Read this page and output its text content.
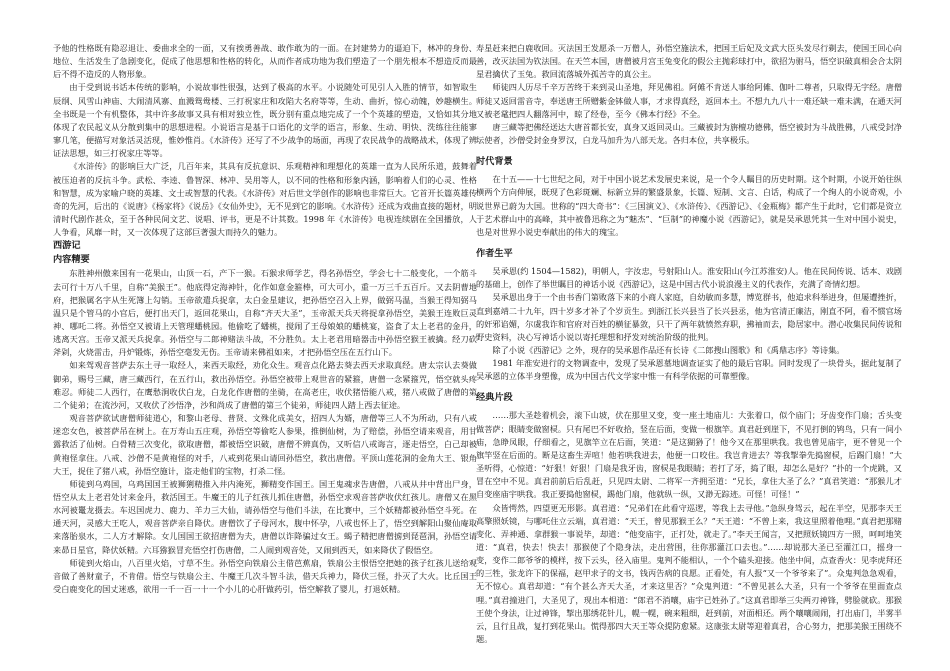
予他的性格既有隐忍退让、委曲求全的一面，又有挨勇善战、敢作敢为的一面。在封建势力的逼迫下，林冲的身份、地位、生活发生了急剧变化，促成了他思想和性格的转化，从而作者成功地为我们塑造了一个朋先根本不想造反而最后不得不造反的人物形象。

由于受到说书话本传统的影响，小说故事性很强，达到了极高的水平。小说随处可见引人入胜的情节，如智取生辰纲、风雪山神庙、大闹清风寨、血溅鸳鸯楼、三打祝家庄和攻陷大名府等等，生动、曲折，惊心动魄，妙趣横生。全书既是一个有机整体，其中许多故事又具有相对独立性，既分别有重点地完成了一个个英雄的塑造，又恰如其分地体现了农民起义从分散到集中的思想进程。小说语言是基于口语化的文学的语言，形象、生动、明快、洗练往往能寥寥几笔，便描写对象活灵活现，惟妙惟肖。《水浒传》还写了不少战争的场面，再现了农民战争的战略战术，体现了辨证法思想，如三打祝家庄等等。

《水浒传》的影响巨大广泛，几百年来，其具有反抗意识、乐观精神和理想化的英雄一直为人民所乐道，鼓舞着被压迫者的反抗斗争。武松、李逵、鲁智深、林冲、吴用等人，以不同的性格和形象内涵，影响着人们的心灵、性格和智慧，成为家喻户晓的英雄、文士或智慧的代表。《水浒传》对后世文学创作的影响也非常巨大。它首开长篇英雄传奇的先河，后出的《说唐》《杨家将》《说岳》《女仙外史》，无不见到它的影响。《水浒传》还成为戏曲直接的题材，明清时代剧作甚众，至于各种民间文艺、说唱、评书，更是不计其数。1998 年《水浒传》电视连续剧在全国播放，人人争看，风靡一时，又一次体现了这部巨著强大而持久的魅力。

西游记
内容精要

东胜神州傲来国有一花果山，山顶一石，产下一猴。石猴求师学艺，得名孙悟空，学会七十二般变化，一个筋斗去可行十万八千里，自称“美猴王”。他底得定海神针，化作如意金箍棒，可大可小，重一万三千五百斤。又去阴曹地府，把猴属名字从生死簿上勾销。玉帝欲遣兵捉拿，太白金星建议，把孙悟空召入上界，做弼马温，当猴王得知弼马温只是个管马的小官后，便打出天门，返回花果山，自称“齐天大圣”，玉帝派天兵天将捉拿孙悟空，美猴王连败巨灵神、哪吒二将。孙悟空又被请上天管理蟠桃园。他偷吃了蟠桃，搅闹了王母娘娘的蟠桃宴，盗食了太上老君的金丹，逃离天宫。玉帝又派天兵捉拿。孙悟空与二郎神赌法斗战，不分胜负。太上老君用暗器击中孙悟空猴王被擒。经刀砍斧剁，火烧雷击，丹炉锻炼，孙悟空毫发无伤。玉帝请来佛祖如来，才把孙悟空压在五行山下。

如来驾观音菩萨去东土寻一取经人，来西天取经，劝化众生。观音点化路去葵去西天求取真经。唐太宗认去葵做御弟，赐号三藏，唐三藏西行，在五行山，救出孙悟空。孙悟空被带上观世音的紧箍，唐僧一念紧箍咒，悟空就头疼难忍。师徒二人西行，在鹰愁涧收伏白龙，白龙化作唐僧的坐骑，在高老庄，收伏猪悟能八戒，猪八戒做了唐僧的第二个徒弟；在流沙河，又收伏了沙悟净，沙和尚成了唐僧的第三个徒弟，师徒四人踏上西去征途。

观音菩萨欲试唐僧师徒道心，和黎山老母、普贤、文殊化成美女，招四人为婿，唐僧等三人不为所动，只有八戒迷恋女色，被菩萨吊在树上。在万寿山五庄观，孙悟空等偷吃人参果，推倒仙树，为了赔偿，孙悟空请来观音，用甘露救活了仙树。白骨精三次变化，欲取唐僧，都被悟空识破，唐僧不辨真伪，又听信八戒诲言，逐走悟空，白己却被黄袍怪拿住。八戒、沙僧不是黄袍怪的对手，八戒到花果山请回孙悟空，救出唐僧。平顶山莲花洞的金角大王、银角大王，捉住了猪八戒，孙悟空施计，盗走他们的宝物，打杀二怪。

师徒到乌鸡国，乌鸡国国王被狮猁精推入井内淹死，狮精变作国王。国王鬼魂求告唐僧，八戒从井中背出尸身，悟空从太上老君处讨来金丹，救活国王。牛魔王的儿子红孩儿抓住唐僧，孙悟空求观音菩萨收伏红孩儿。唐僧又在黑水河被鼍龙摄去。车迟国虎力、鹿力、羊力三大仙，请孙悟空与他们斗法，在比赛中，三个妖精都被孙悟空斗死。在通天河，灵感大王吃人，观音菩萨亲自降伏。唐僧饮了子母河水，腹中怀孕，八戒也怀上了，悟空到解阳山聚仙庵取来落胎泉水，二人方才解除。女儿国国王欲招唐僧为夫，唐僧以诈降骗过女王。蝎子精把唐僧掳到琵琶洞，孙悟空请来昴日星官，降伏妖精。六耳猕猴冒充悟空打伤唐僧，二人闹到观音处，又闹到西天，如来降伏了假悟空。

师徒到火焰山，八百里火焰，寸草不生。孙悟空向铁扇公主借芭蕉扇，铁扇公主恨悟空把她的孩子红孩儿送给观音做了善财童子，不肯借。悟空与铁扇公主、牛魔王几次斗智斗法，借天兵神力，降伏三怪，扑灭了大火。比丘国王受白鹿变化的国丈迷惑，欲用一千一百一十一个小儿的心肝做药引，悟空解救了婴儿，打退妖精。

寿星赶来把白鹿收回。灭法国王发愿杀一万僧人，孙悟空施法术，把国王后妃及文武大臣头发尽行剃去，使国王回心向善，改灭法国为钦法国。在天竺本国，唐僧被月宫玉兔变化的假公主抛彩球打中，欲招为驸马，悟空识破真相会合太阴星君擒伏了玉兔。救回流落城外孤苦寺的真公主。

师徒四人历尽千辛万苦终于来到灵山圣地，拜见佛祖。阿傩不肯送人事给阿傩、伽叶二尊者，只取得无字经。唐僧师徒又返回雷音寺，奉送唐王所赠紫金钵做人事，才求得真经，返回本土。不想九九八十一难还缺一难未满，在通天河又被老鼋把四人翻落河中，晾了经卷，至今《佛本行经》不全。

唐三藏等把佛经送达大唐首都长安，真身又返回灵山。三藏被封为旃檀功德佛，悟空被封为斗战胜佛，八戒受封净坛使者，沙僧受封金身罗汉，白龙马加升为八部天龙。各归本位，共享极乐。

时代背景

在十五——十七世纪之间，对于中国小说艺术发展史来说，是一个令人瞩目的历史时期。这个时期，小说开始往纵横两个方向伸展，既现了色彩斑斓、标新立异的繁盛景象，长篇、短制、文言、白话，构成了一个绚人的小说奇观，小说世界已蔚为大国。世称的“四大奇书”：《三国演义》、《水浒传》、《西游记》、《金瓶梅》都产生于此时，它们都是资立于艺术群山中的高峰，其中被鲁迅称之为“魅杰”、“巨制”的神魔小说《西游记》，就是吴承恩凭其一生对中国小说史，也是对世界小说史奉献出的伟大的瑰宝。

作者生平

吴承恩(约 1504—1582)，明朝人，字汝忠，号射阳山人。淮安阳山(今江苏淮安)人。他在民间传说、话本、戏剧的基础上，创作了举世瞩目的神话小说《西游记》，这是中国古代小说浪漫主义的代表作，充满了奇情幻想。

吴承恩出身于一个由书香门第败落下来的小商人家庭，自幼敏而多慧，博览群书，他追求科举进身，但屡遭挫折，直到嘉靖二十九年，四十岁多才补了个岁贡生。到浙江长兴县当了长兴县丞，他为官清正廉洁，刚直不阿，看不惯官场的奸邪谄媚，尔虞我诈和官府对百姓的横征暴敛，只干了两年就愤然弃职，拂袖而去，隐居家中。潜心收集民间传说和野史资料，决心写神话小说以寄托理想和抒发对统治阶级的批判。

除了小说《西游记》之外，现存的吴承恩作品还有长诗《二郎搜山图歌》和《禹鼎志序》等诗集。

1981 年淮安进行的文物调查中，发现了吴承恩墓地调查证实了他的最后官职。同时发现了一块骨头，据此复制了吴承恩的立体半身塑像，成为中国古代文学家中惟一有科学依据的可靠塑像。

经典片段

……那大圣趁着机会，滚下山坡，伏在那里又变，变一座土地庙儿：大张着口，似个庙门；牙齿变作门扇；舌头变做菩萨；眼睛变做窗棂。只有尾巴不好收拾，竖在后面，变做一根旗竿。真君赶到崖下，不见打倒的鸨鸟，只有一间小庙，急睁凤眼，仔细看之，见旗竿立在后面，笑道：“是这猢狲了！他今又在那里哄我。我也曾见庙宇，更不曾见一个旗竿竖在后面的。断是这畜生弄喧！他若哄我进去，他便一口咬住。我岂肯进去？等我掣拳先捣窗棂，后踢门扇！”大圣听得，心惊道：“好狠！好狠！门扇是我牙齿，窗棂是我眼睛；若打了牙，捣了眼，却怎么是好？”扑的一个虎跳，又冒在空中不见。真君前前后后乱赶，只见四太尉、二将军一齐拥至道：“兄长，拿住大圣了么？”真君笑道：“那猴儿才自变座庙宇哄我。我正要捣他窗棂，踢他门扇，他就纵一纵，又渺无踪迹。可怪！可怪！”

众皆愕然，四望更无形影。真君道：“兄弟们在此看守巡逻，等我上去寻他。”急纵身驾云，起在半空，见那李天王高擎照妖镜，与哪吒住立云端，真君道：“天王，曾见那猴王么？”天王道：“不曾上来，我这里照着他哩。”真君把那赌变化、弄神通、拿群猴一事说毕，却道：“他变庙宇，正打处，就走了。”李天王闻言，又把照妖镜四方一照，呵呵地笑道：“真君，快去！快去！那猴使了个隐身法，走出营围，往你那灌江口去也。”……却说那大圣已至灌江口，摇身一变，变作二郎爷爷的模样，按下云头，径入庙里。鬼判不能相认，一个个磕头迎接。他坐中间，点查香火：见李虎拜还的三牲，张龙许下的保福，赵甲求子的文书，钱丙告病的良愿。正看处，有人报“又一个爷爷来了”。众鬼判急急观看，无不惊心。真君却道：“有个甚么齐天大圣，才来这里否？”众鬼判道：“不曾见甚么大圣，只有一个爷爷在里面查点哩。”真君撞进门，大圣见了，现出本相道：“郎君不消嚷，庙宇已姓孙了。”这真君即举三尖两刃神锋，劈脸就砍。那猴王使个身法，让过神锋，掣出那绣花针儿，幌一幌，碗来粗细，赶到前，对面相还。两个嚷嚷闹闹，打出庙门，半雾半云，且行且战，复打到花果山。慌得那四大天王等众提防愈紧。这康张太尉等迎着真君，合心努力，把那美猴王围绕不题。
